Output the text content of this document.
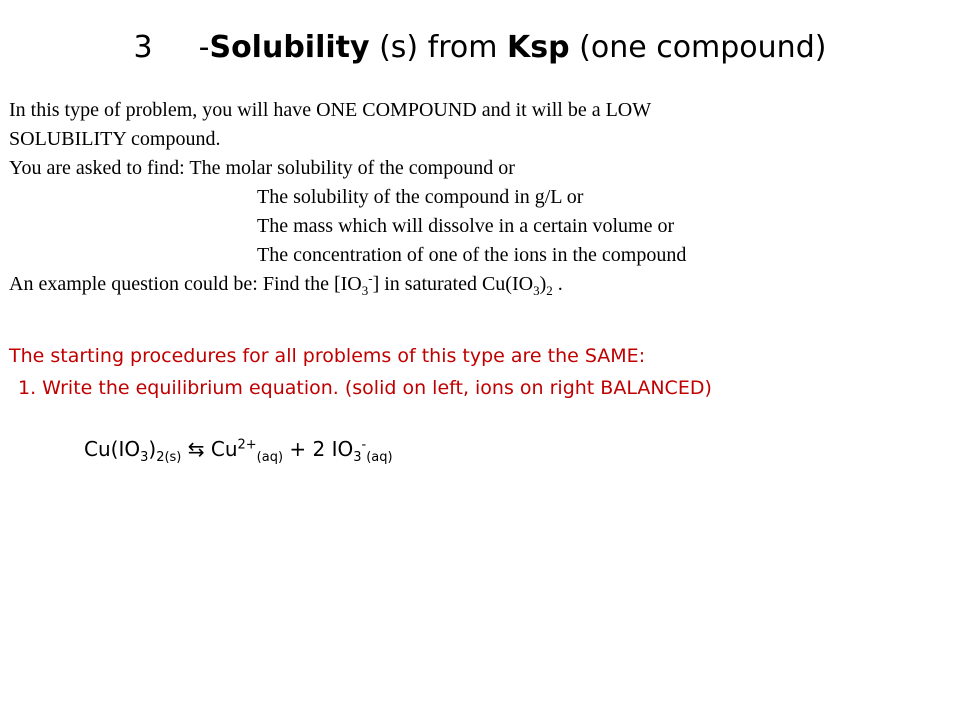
3 -Solubility (s) from Ksp (one compound)
In this type of problem, you will have ONE COMPOUND and it will be a LOW
SOLUBILITY compound.
You are asked to find: The molar solubility of the compound or
The solubility of the compound in g/L or
The mass which will dissolve in a certain volume or
The concentration of one of the ions in the compound
An example question could be: Find the $[IO_3^-]$ in saturated $Cu(IO_3)_2$ .
The starting procedures for all problems of this type are the SAME:
1. Write the equilibrium equation. (solid on left, ions on right BALANCED)
$Cu(IO_3)_{2(s)}$ ⇆ $Cu^{2+}_{(aq)} + 2$ $IO_3^-_{(aq)}$
